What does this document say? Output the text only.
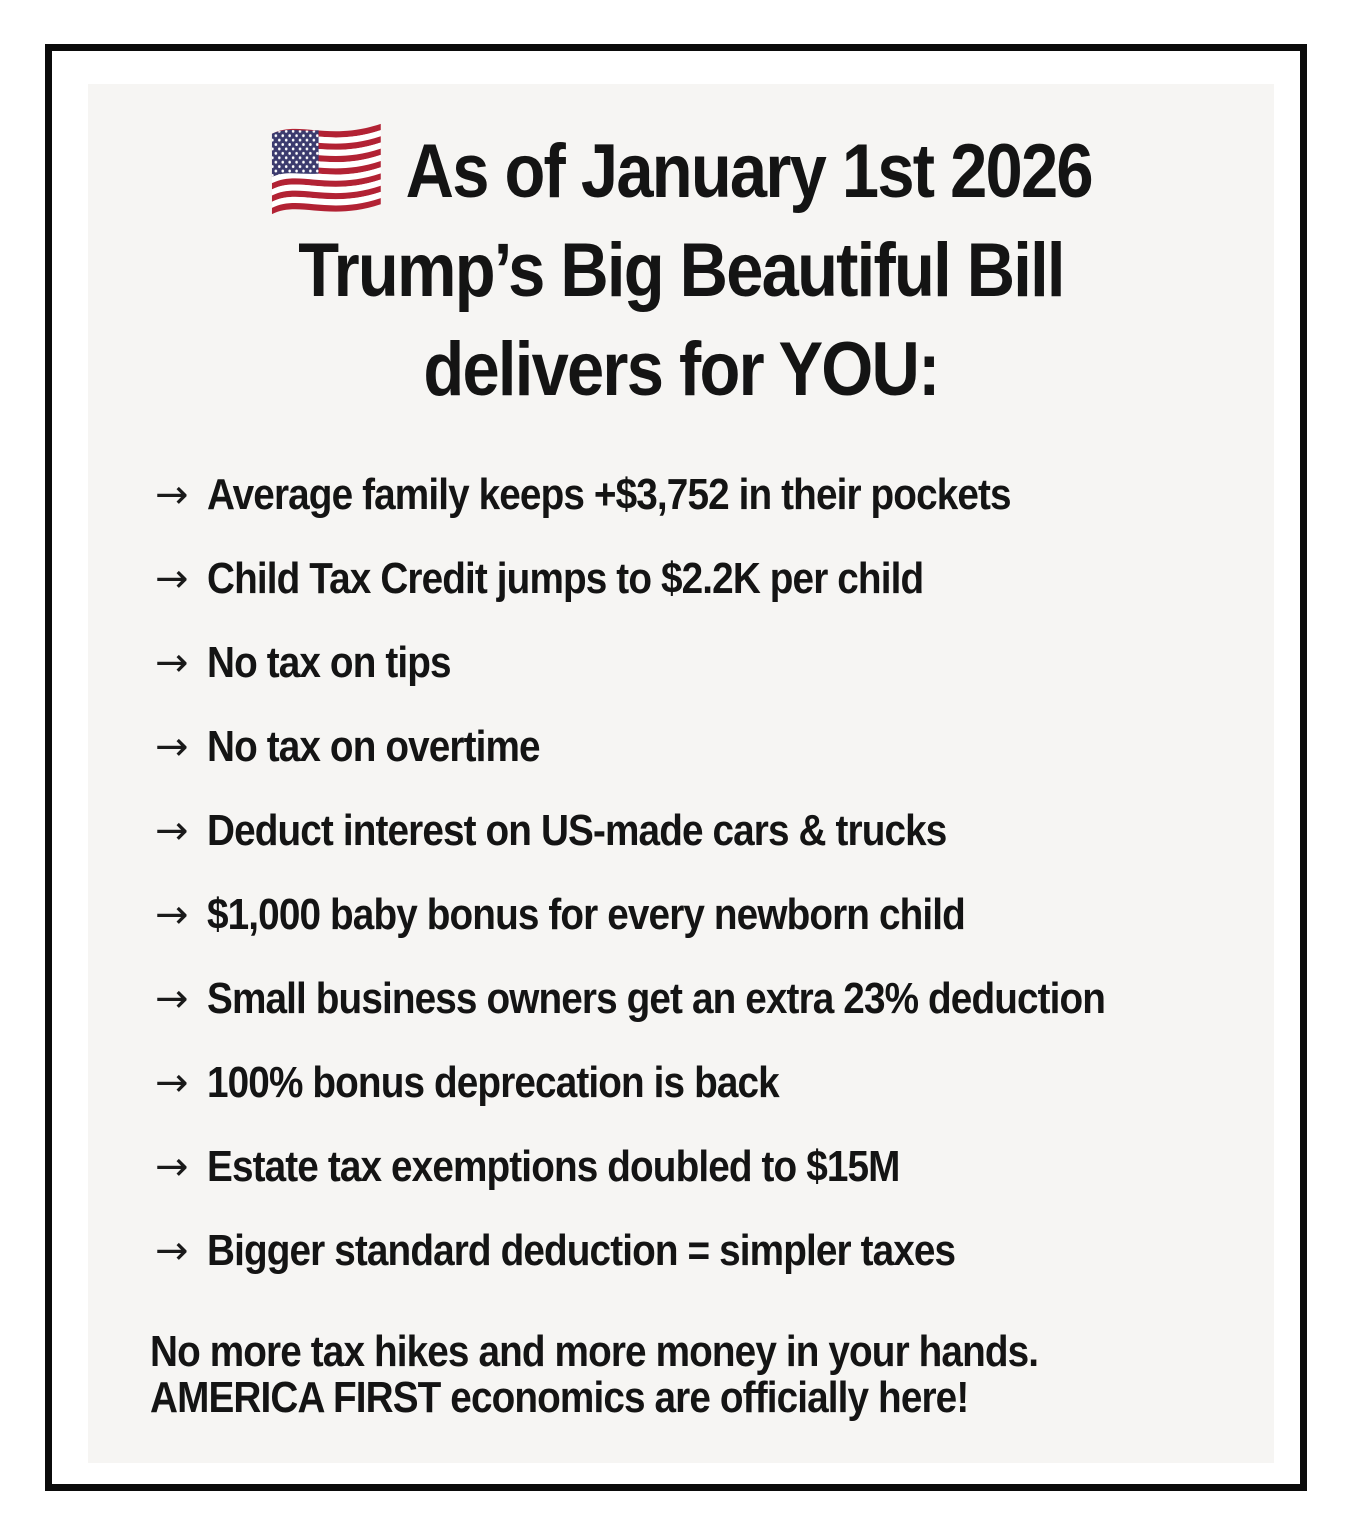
As of January 1st 2026
Trump’s Big Beautiful Bill
delivers for YOU:
→ Average family keeps +$3,752 in their pockets
→ Child Tax Credit jumps to $2.2K per child
→ No tax on tips
→ No tax on overtime
→ Deduct interest on US-made cars & trucks
→ $1,000 baby bonus for every newborn child
→ Small business owners get an extra 23% deduction
→ 100% bonus deprecation is back
→ Estate tax exemptions doubled to $15M
→ Bigger standard deduction = simpler taxes
No more tax hikes and more money in your hands.
AMERICA FIRST economics are officially here!
